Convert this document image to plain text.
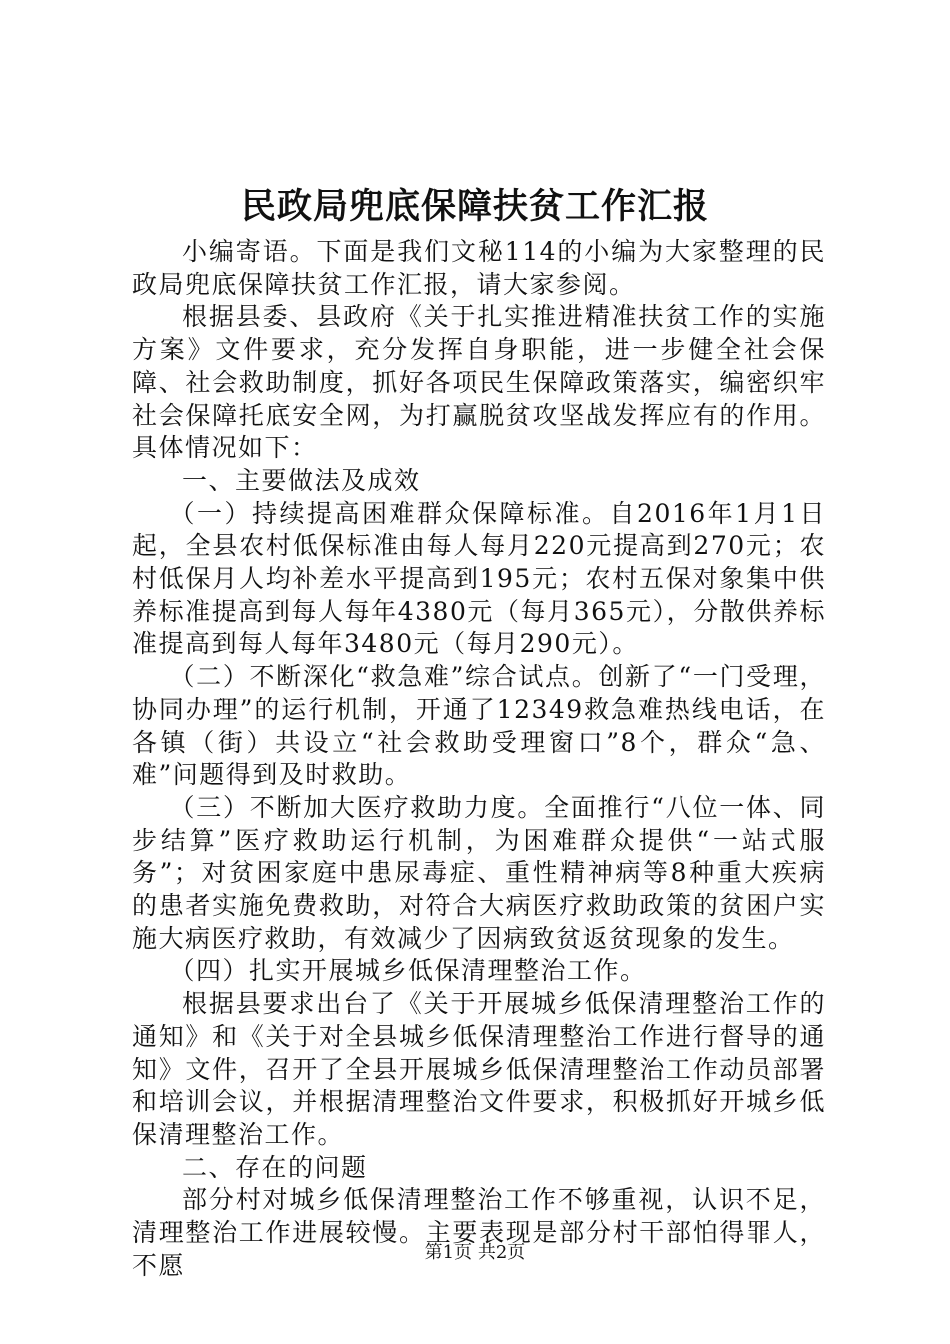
民政局兜底保障扶贫工作汇报

小编寄语。下面是我们文秘114的小编为大家整理的民政局兜底保障扶贫工作汇报，请大家参阅。

根据县委、县政府《关于扎实推进精准扶贫工作的实施方案》文件要求，充分发挥自身职能，进一步健全社会保障、社会救助制度，抓好各项民生保障政策落实，编密织牢社会保障托底安全网，为打赢脱贫攻坚战发挥应有的作用。具体情况如下：

一、主要做法及成效

（一）持续提高困难群众保障标准。自2016年1月1日起，全县农村低保标准由每人每月220元提高到270元；农村低保月人均补差水平提高到195元；农村五保对象集中供养标准提高到每人每年4380元（每月365元），分散供养标准提高到每人每年3480元（每月290元）。

（二）不断深化“救急难”综合试点。创新了“一门受理，协同办理”的运行机制，开通了12349救急难热线电话，在各镇（街）共设立“社会救助受理窗口”8个，群众“急、难”问题得到及时救助。

（三）不断加大医疗救助力度。全面推行“八位一体、同步结算”医疗救助运行机制，为困难群众提供“一站式服务”；对贫困家庭中患尿毒症、重性精神病等8种重大疾病的患者实施免费救助，对符合大病医疗救助政策的贫困户实施大病医疗救助，有效减少了因病致贫返贫现象的发生。

（四）扎实开展城乡低保清理整治工作。

根据县要求出台了《关于开展城乡低保清理整治工作的通知》和《关于对全县城乡低保清理整治工作进行督导的通知》文件，召开了全县开展城乡低保清理整治工作动员部署和培训会议，并根据清理整治文件要求，积极抓好开城乡低保清理整治工作。

二、存在的问题

部分村对城乡低保清理整治工作不够重视，认识不足，清理整治工作进展较慢。主要表现是部分村干部怕得罪人，不愿	第1页 共2页
